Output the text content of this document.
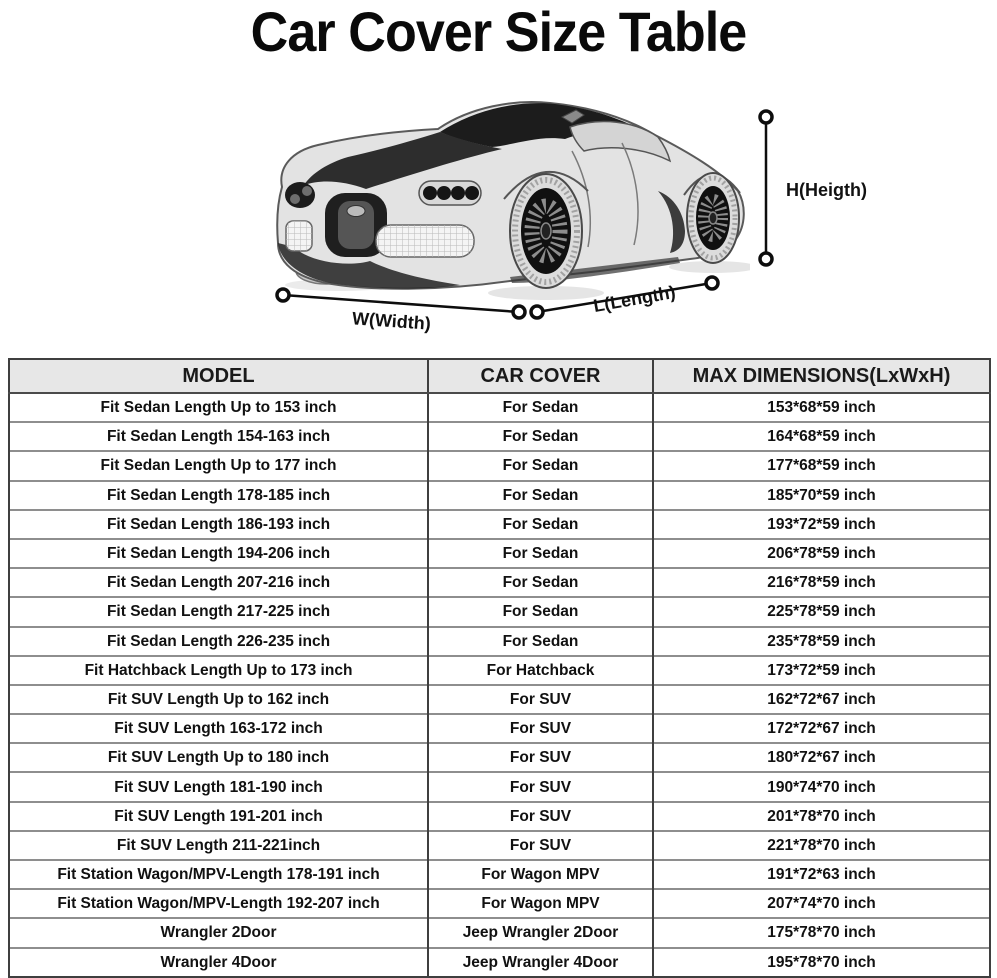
Car Cover Size Table
H(Heigth)
W(Width)
L(Length)
MODEL	CAR COVER	MAX DIMENSIONS(LxWxH)
Fit Sedan Length Up to 153 inch	For Sedan	153*68*59 inch
Fit Sedan Length 154-163 inch	For Sedan	164*68*59 inch
Fit Sedan Length Up to 177 inch	For Sedan	177*68*59 inch
Fit Sedan Length 178-185 inch	For Sedan	185*70*59 inch
Fit Sedan Length 186-193 inch	For Sedan	193*72*59 inch
Fit Sedan Length 194-206 inch	For Sedan	206*78*59 inch
Fit Sedan Length 207-216 inch	For Sedan	216*78*59 inch
Fit Sedan Length 217-225 inch	For Sedan	225*78*59 inch
Fit Sedan Length 226-235 inch	For Sedan	235*78*59 inch
Fit Hatchback Length Up to 173 inch	For Hatchback	173*72*59 inch
Fit SUV Length Up to 162 inch	For SUV	162*72*67 inch
Fit SUV Length 163-172 inch	For SUV	172*72*67 inch
Fit SUV Length Up to 180 inch	For SUV	180*72*67 inch
Fit SUV Length 181-190 inch	For SUV	190*74*70 inch
Fit SUV Length 191-201 inch	For SUV	201*78*70 inch
Fit SUV Length 211-221inch	For SUV	221*78*70 inch
Fit Station Wagon/MPV-Length 178-191 inch	For Wagon MPV	191*72*63 inch
Fit Station Wagon/MPV-Length 192-207 inch	For Wagon MPV	207*74*70 inch
Wrangler 2Door	Jeep Wrangler 2Door	175*78*70 inch
Wrangler 4Door	Jeep Wrangler 4Door	195*78*70 inch
